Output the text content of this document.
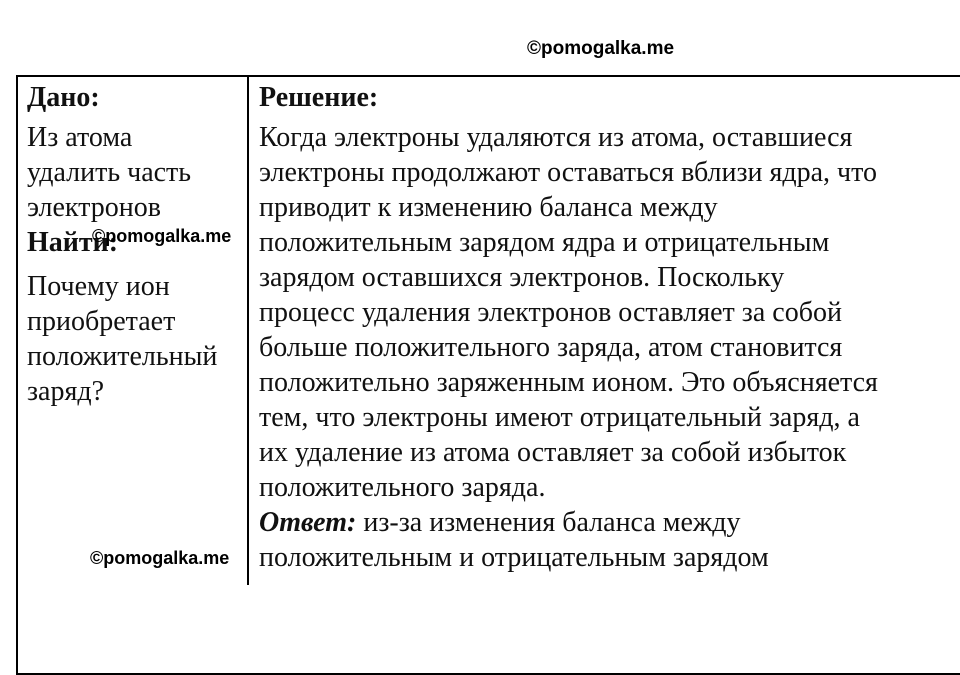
©pomogalka.me
Дано:
Из атома
удалить часть
электронов
Найти:
Почему ион
приобретает
положительный
заряд?
©pomogalka.me
Решение:
Когда электроны удаляются из атома, оставшиеся
электроны продолжают оставаться вблизи ядра, что
приводит к изменению баланса между
положительным зарядом ядра и отрицательным
зарядом оставшихся электронов. Поскольку
процесс удаления электронов оставляет за собой
больше положительного заряда, атом становится
положительно заряженным ионом. Это объясняется
тем, что электроны имеют отрицательный заряд, а
их удаление из атома оставляет за собой избыток
положительного заряда.
Ответ: из-за изменения баланса между
положительным и отрицательным зарядом
©pomogalka.me
